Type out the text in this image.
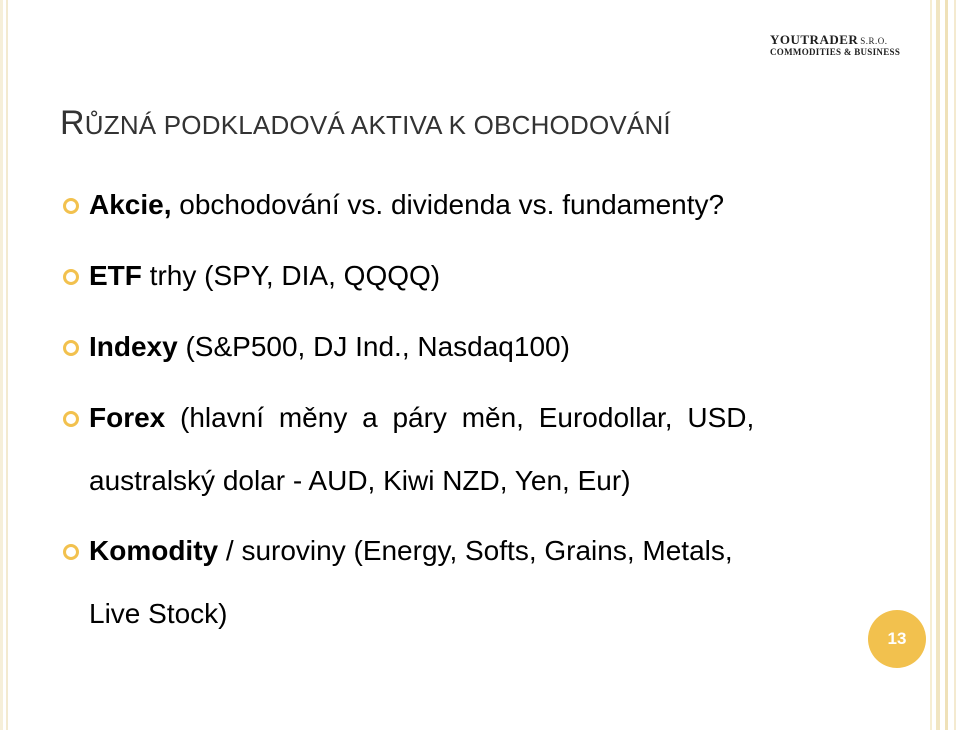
YOUTRADER S.R.O.
COMMODITIES & BUSINESS
RŮZNÁ PODKLADOVÁ AKTIVA K OBCHODOVÁNÍ
Akcie, obchodování vs. dividenda vs. fundamenty?
ETF trhy (SPY, DIA, QQQQ)
Indexy (S&P500, DJ Ind., Nasdaq100)
Forex (hlavní měny a páry měn, Eurodollar, USD,
australský dolar - AUD, Kiwi NZD, Yen, Eur)
Komodity / suroviny (Energy, Softs, Grains, Metals,
Live Stock)
13
